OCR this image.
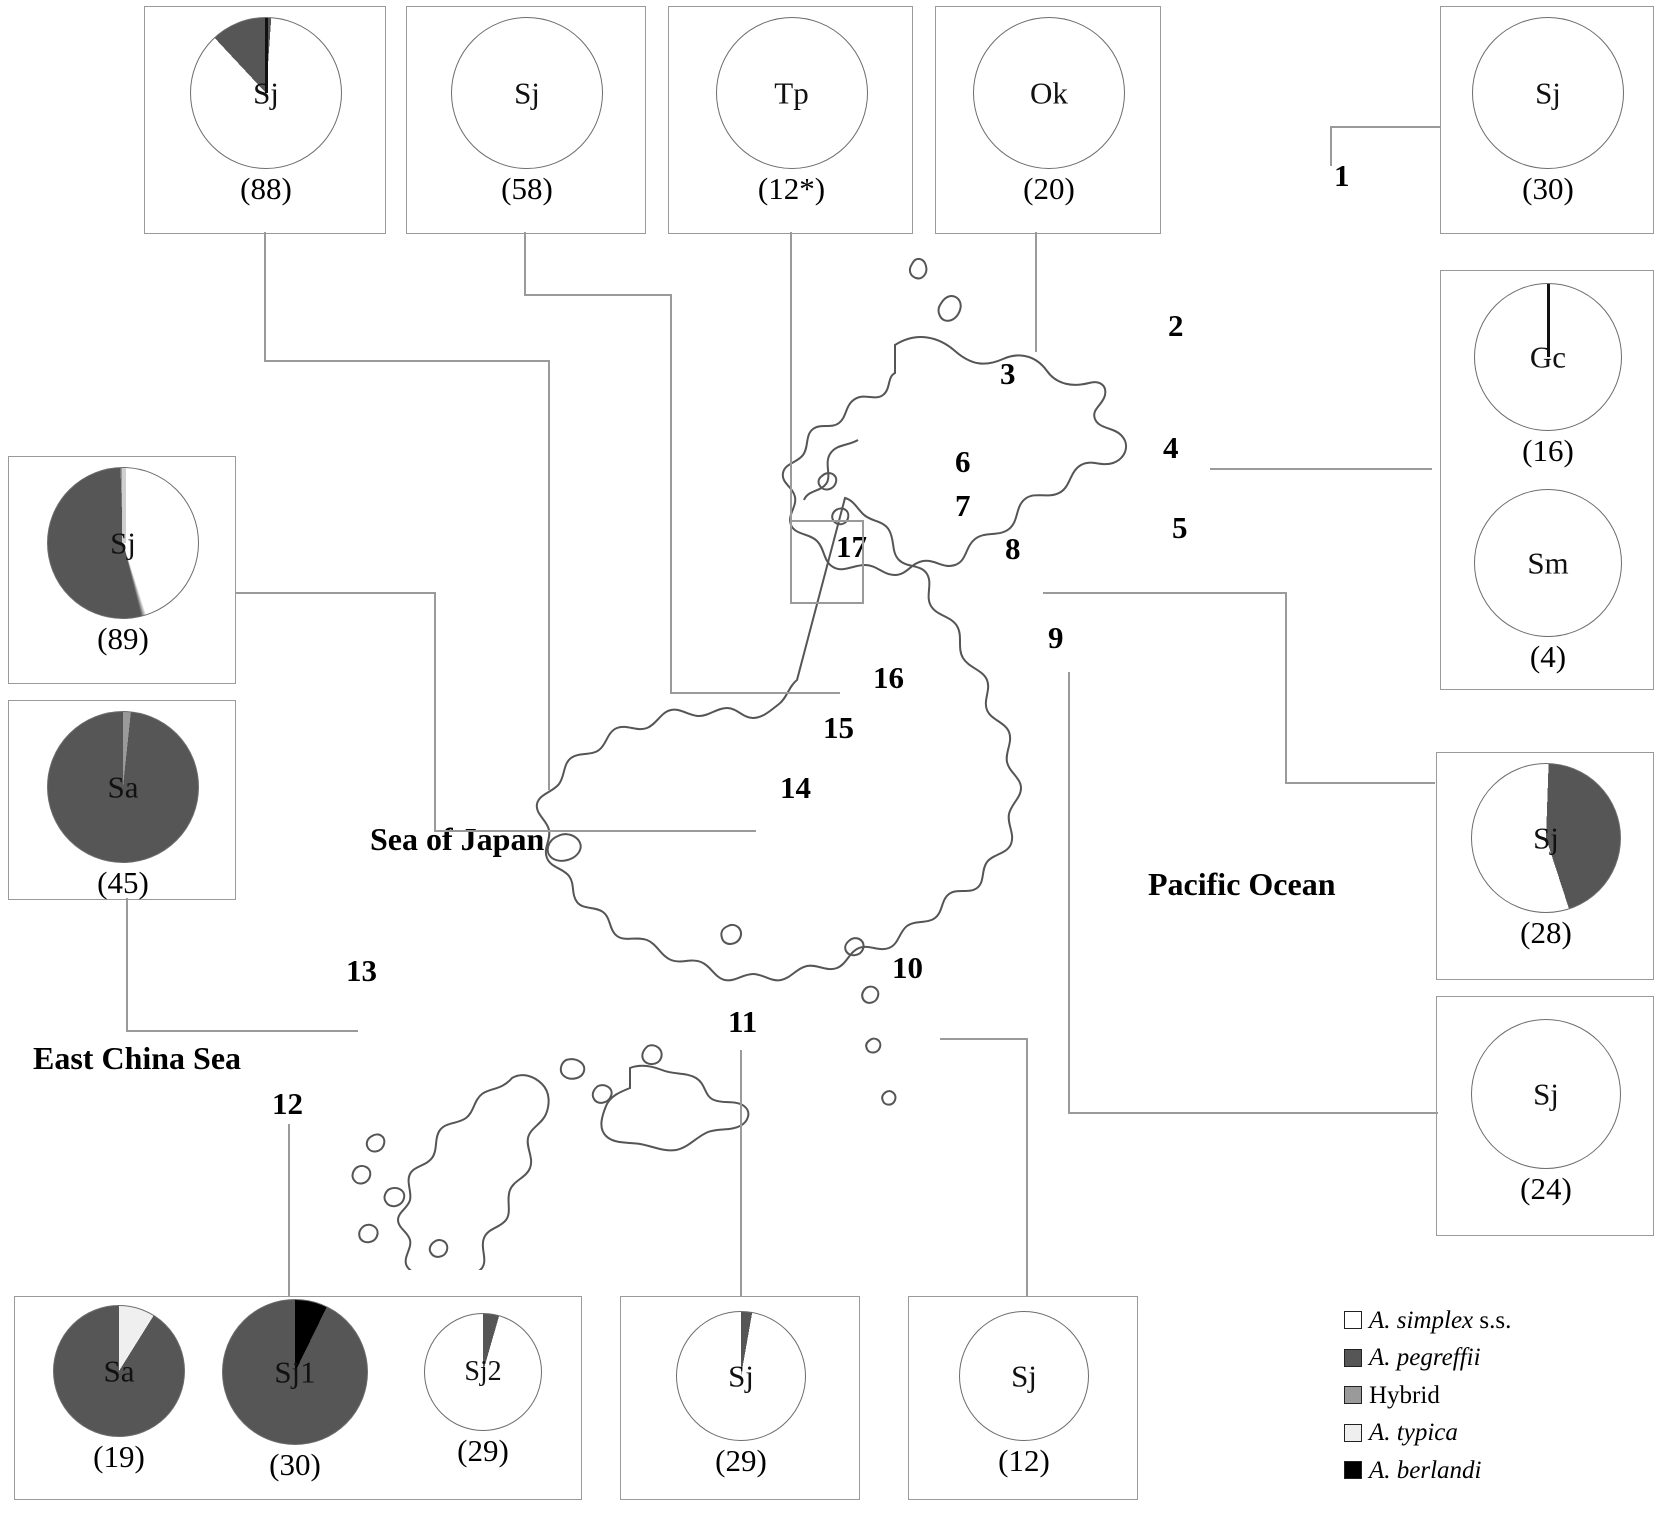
1
2
3
4
5
6
7
8
9
10
11
12
13
14
15
16
17
Sea of Japan
Pacific Ocean
East China Sea
Sj
(88)
Sj
(58)
Tp
(12*)
Ok
(20)
Sj
(30)
Gc
(16)
Sm
(4)
Sj
(89)
Sa
(45)
Sj
(28)
Sj
(24)
Sa
(19)
Sj1
(30)
Sj2
(29)
Sj
(29)
Sj
(12)
A. simplex s.s.
A. pegreffii
Hybrid
A. typica
A. berlandi
